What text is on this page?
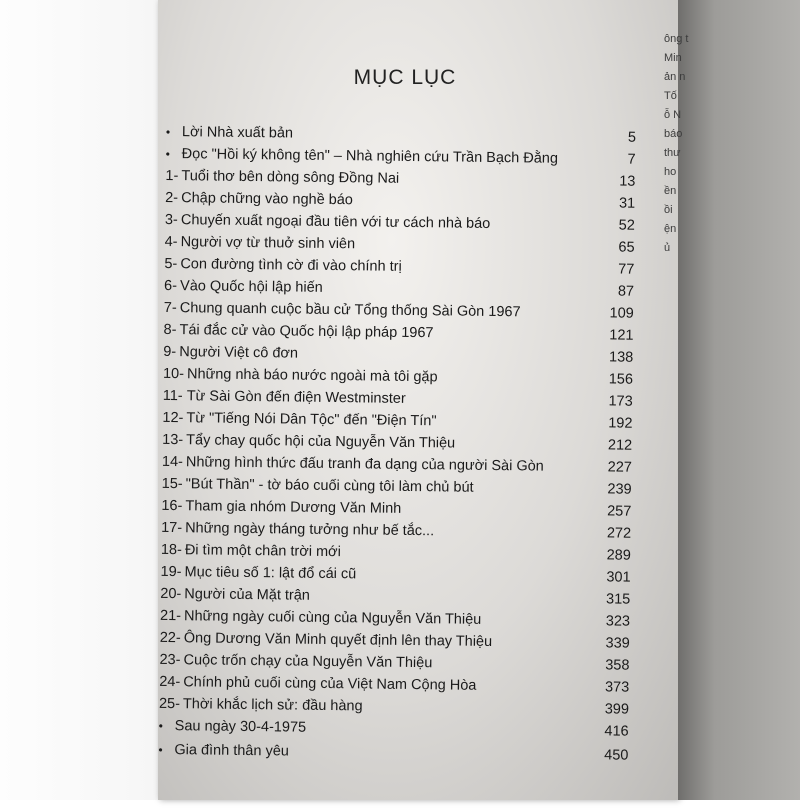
ông t
Min
ản n
Tố
ỗ N
báo
thư
ho
ền
ồi
ện
ủ
MỤC LỤC
• Lời Nhà xuất bản	5
• Đọc "Hồi ký không tên" – Nhà nghiên cứu Trần Bạch Đằng	7
1- Tuổi thơ bên dòng sông Đồng Nai	13
2- Chập chững vào nghề báo	31
3- Chuyến xuất ngoại đầu tiên với tư cách nhà báo	52
4- Người vợ từ thuở sinh viên	65
5- Con đường tình cờ đi vào chính trị	77
6- Vào Quốc hội lập hiến	87
7- Chung quanh cuộc bầu cử Tổng thống Sài Gòn 1967	109
8- Tái đắc cử vào Quốc hội lập pháp 1967	121
9- Người Việt cô đơn	138
10- Những nhà báo nước ngoài mà tôi gặp	156
11- Từ Sài Gòn đến điện Westminster	173
12- Từ "Tiếng Nói Dân Tộc" đến "Điện Tín"	192
13- Tẩy chay quốc hội của Nguyễn Văn Thiệu	212
14- Những hình thức đấu tranh đa dạng của người Sài Gòn	227
15- "Bút Thần" - tờ báo cuối cùng tôi làm chủ bút	239
16- Tham gia nhóm Dương Văn Minh	257
17- Những ngày tháng tưởng như bế tắc...	272
18- Đi tìm một chân trời mới	289
19- Mục tiêu số 1: lật đổ cái cũ	301
20- Người của Mặt trận	315
21- Những ngày cuối cùng của Nguyễn Văn Thiệu	323
22- Ông Dương Văn Minh quyết định lên thay Thiệu	339
23- Cuộc trốn chạy của Nguyễn Văn Thiệu	358
24- Chính phủ cuối cùng của Việt Nam Cộng Hòa	373
25- Thời khắc lịch sử: đầu hàng	399
• Sau ngày 30-4-1975	416
• Gia đình thân yêu	450
